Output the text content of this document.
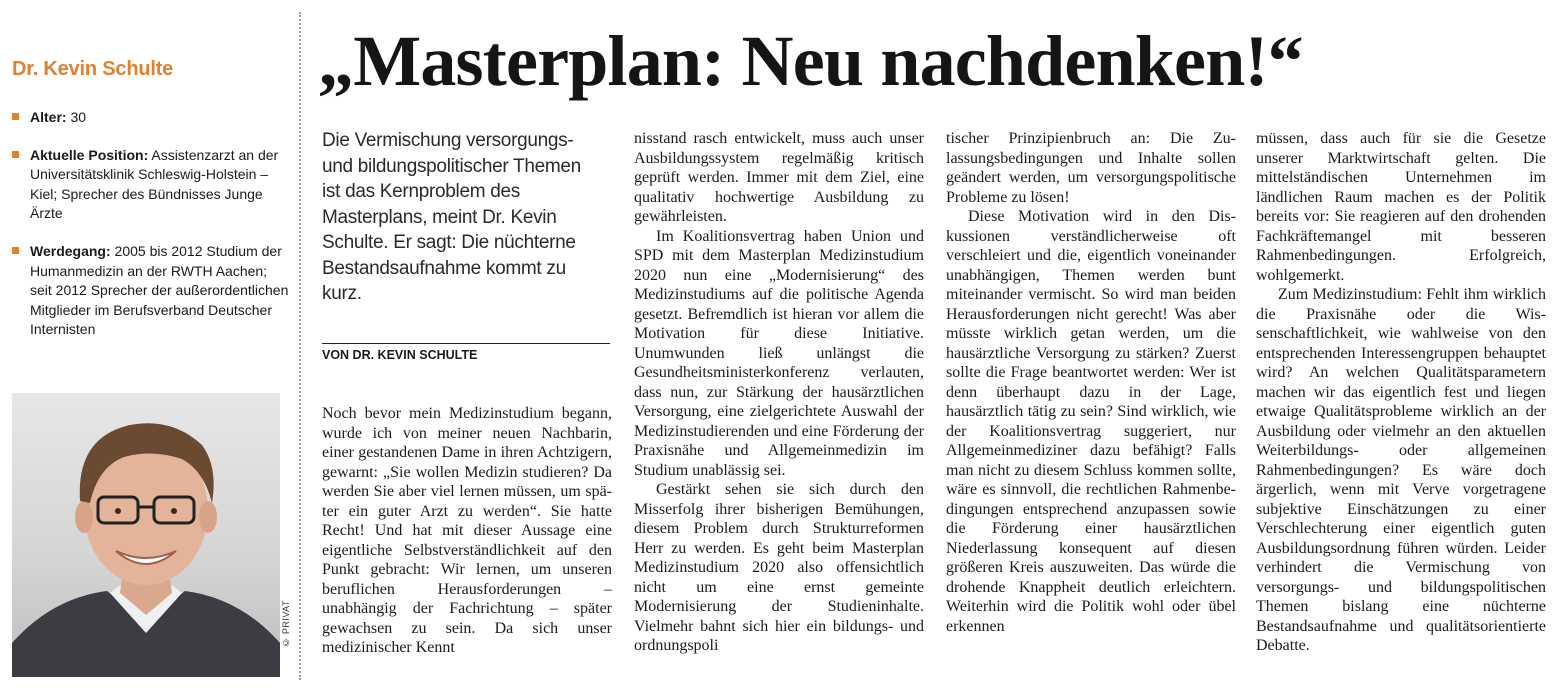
Dr. Kevin Schulte
Alter: 30
Aktuelle Position: Assistenzarzt an der Universitätsklinik Schleswig-Holstein – Kiel; Sprecher des Bündnisses Junge Ärzte
Werdegang: 2005 bis 2012 Studium der Humanmedizin an der RWTH Aachen; seit 2012 Sprecher der außerordentlichen Mitglieder im Berufsverband Deutscher Internisten
© PRIVAT
„Masterplan: Neu nachdenken!“

Die Vermischung versorgungs- und bildungspolitischer Themen ist das Kernproblem des Masterplans, meint Dr. Kevin Schulte. Er sagt: Die nüchterne Bestandsaufnahme kommt zu kurz.

VON DR. KEVIN SCHULTE

Noch bevor mein Medizinstudium begann, wurde ich von meiner neuen Nachbarin, einer gestandenen Dame in ihren Achtzigern, gewarnt: „Sie wollen Medizin studieren? Da werden Sie aber viel lernen müssen, um später ein guter Arzt zu werden“. Sie hatte Recht! Und hat mit dieser Aussage eine eigentliche Selbstverständlichkeit auf den Punkt gebracht: Wir lernen, um unseren beruflichen Herausforderungen – unabhängig der Fachrichtung – später gewachsen zu sein. Da sich unser medizinischer Kennt

nisstand rasch entwickelt, muss auch unser Ausbildungssystem regelmäßig kritisch geprüft werden. Immer mit dem Ziel, eine qualitativ hochwertige Ausbildung zu gewährleisten.

Im Koalitionsvertrag haben Union und SPD mit dem Masterplan Medizinstudium 2020 nun eine „Modernisierung“ des Medizinstudiums auf die politische Agenda gesetzt. Befremdlich ist hieran vor allem die Motivation für diese Initiative. Unumwunden ließ unlängst die Gesundheitsministerkonferenz verlauten, dass nun, zur Stärkung der hausärztlichen Versorgung, eine zielgerichtete Auswahl der Medizinstudierenden und eine Förderung der Praxisnähe und Allgemeinmedizin im Studium unablässig sei.

Gestärkt sehen sie sich durch den Misserfolg ihrer bisherigen Bemühungen, diesem Problem durch Strukturreformen Herr zu werden. Es geht beim Masterplan Medizinstudium 2020 also offensichtlich nicht um eine ernst gemeinte Modernisierung der Studieninhalte. Vielmehr bahnt sich hier ein bildungs- und ordnungspoli

tischer Prinzipienbruch an: Die Zulassungsbedingungen und Inhalte sollen geändert werden, um versorgungspolitische Probleme zu lösen!

Diese Motivation wird in den Diskussionen verständlicherweise oft verschleiert und die, eigentlich voneinander unabhängigen, Themen werden bunt miteinander vermischt. So wird man beiden Herausforderungen nicht gerecht! Was aber müsste wirklich getan werden, um die hausärztliche Versorgung zu stärken? Zuerst sollte die Frage beantwortet werden: Wer ist denn überhaupt dazu in der Lage, hausärztlich tätig zu sein? Sind wirklich, wie der Koalitionsvertrag suggeriert, nur Allgemeinmediziner dazu befähigt? Falls man nicht zu diesem Schluss kommen sollte, wäre es sinnvoll, die rechtlichen Rahmenbedingungen entsprechend anzupassen sowie die Förderung einer hausärztlichen Niederlassung konsequent auf diesen größeren Kreis auszuweiten. Das würde die drohende Knappheit deutlich erleichtern. Weiterhin wird die Politik wohl oder übel erkennen

müssen, dass auch für sie die Gesetze unserer Marktwirtschaft gelten. Die mittelständischen Unternehmen im ländlichen Raum machen es der Politik bereits vor: Sie reagieren auf den drohenden Fachkräftemangel mit besseren Rahmenbedingungen. Erfolgreich, wohlgemerkt.

Zum Medizinstudium: Fehlt ihm wirklich die Praxisnähe oder die Wissenschaftlichkeit, wie wahlweise von den entsprechenden Interessengruppen behauptet wird? An welchen Qualitätsparametern machen wir das eigentlich fest und liegen etwaige Qualitätsprobleme wirklich an der Ausbildung oder vielmehr an den aktuellen Weiterbildungs- oder allgemeinen Rahmenbedingungen? Es wäre doch ärgerlich, wenn mit Verve vorgetragene subjektive Einschätzungen zu einer Verschlechterung einer eigentlich guten Ausbildungsordnung führen würden. Leider verhindert die Vermischung von versorgungs- und bildungspolitischen Themen bislang eine nüchterne Bestandsaufnahme und qualitätsorientierte Debatte.
